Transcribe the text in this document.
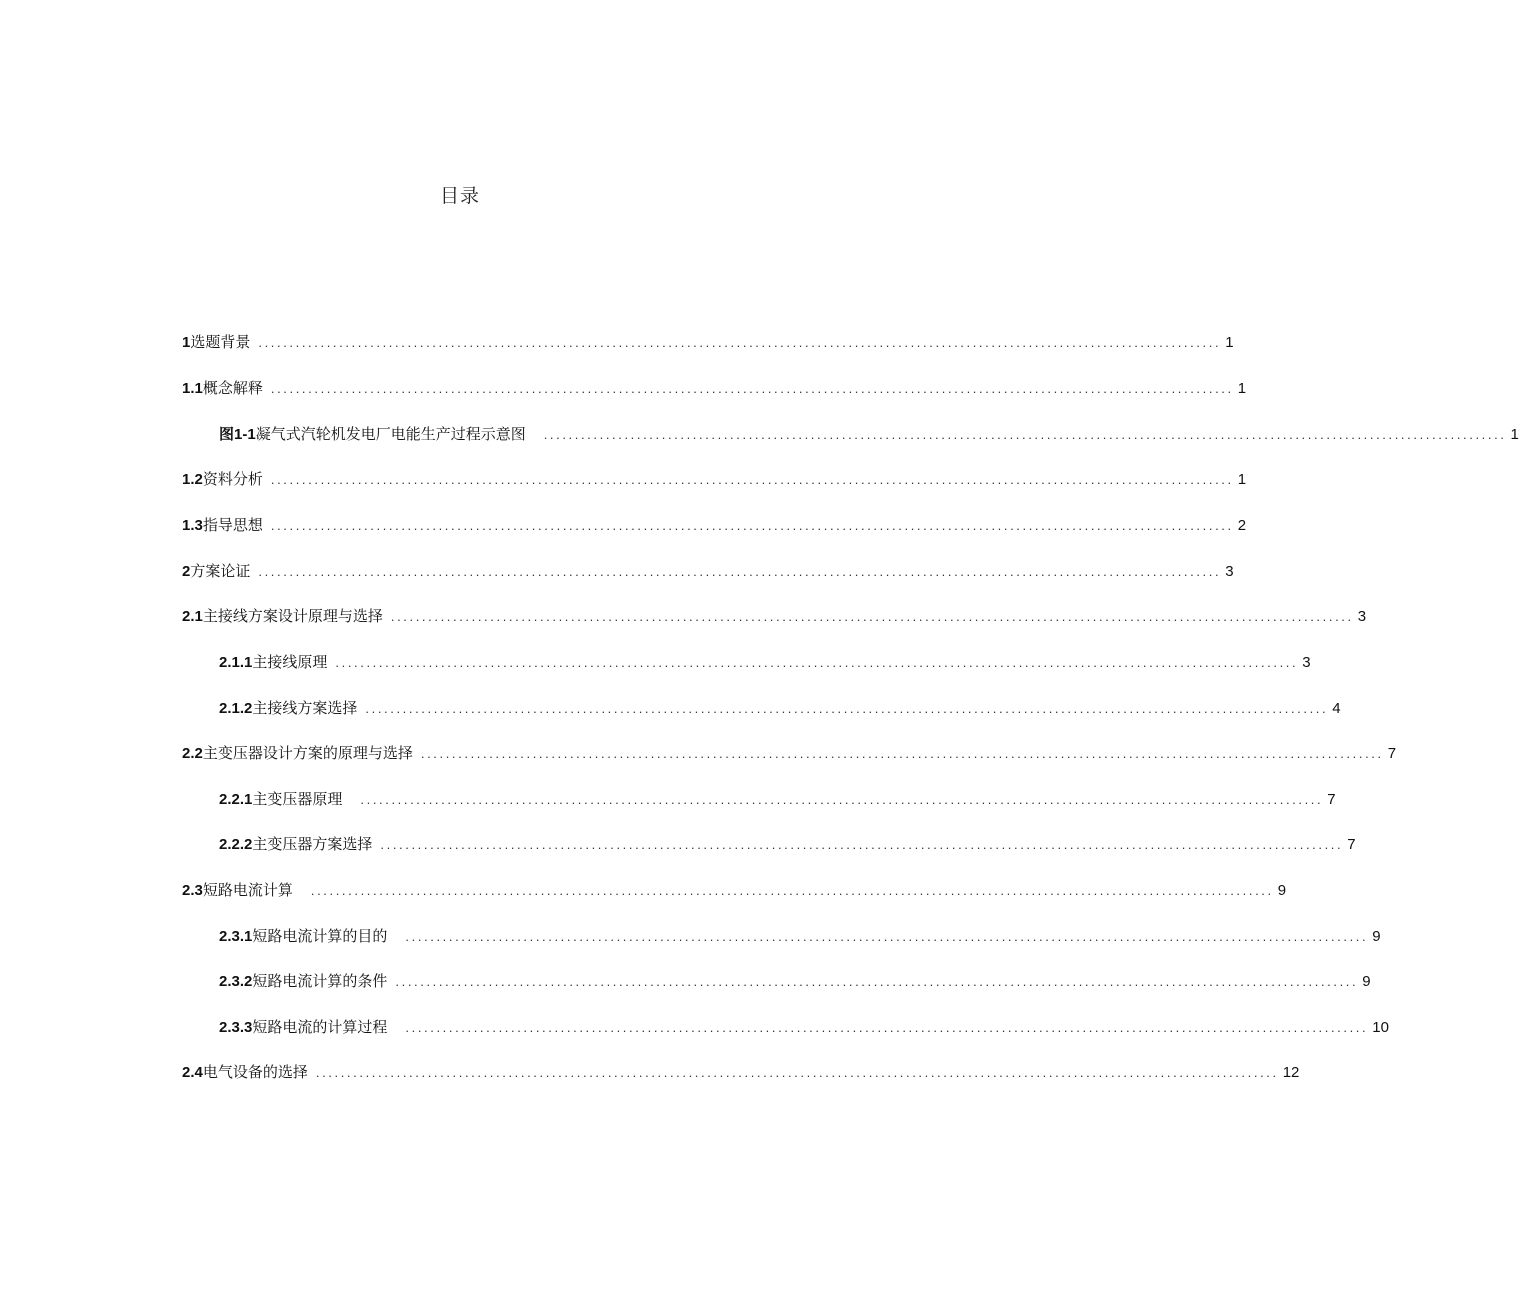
目录
1 选题背景 ........................................................................................................................................................... 1
1.1 概念解释 ........................................................................................................................................................... 1
图1-1 凝气式汽轮机发电厂电能生产过程示意图 ........................................................................................................................................................... 1
1.2 资料分析 ........................................................................................................................................................... 1
1.3 指导思想 ........................................................................................................................................................... 2
2 方案论证 ........................................................................................................................................................... 3
2.1 主接线方案设计原理与选择 ........................................................................................................................................................... 3
2.1.1 主接线原理 ........................................................................................................................................................... 3
2.1.2 主接线方案选择 ........................................................................................................................................................... 4
2.2 主变压器设计方案的原理与选择 ........................................................................................................................................................... 7
2.2.1 主变压器原理 ........................................................................................................................................................... 7
2.2.2 主变压器方案选择 ........................................................................................................................................................... 7
2.3 短路电流计算 ........................................................................................................................................................... 9
2.3.1 短路电流计算的目的 ........................................................................................................................................................... 9
2.3.2 短路电流计算的条件 ........................................................................................................................................................... 9
2.3.3 短路电流的计算过程 ........................................................................................................................................................... 10
2.4 电气设备的选择 ........................................................................................................................................................... 12
